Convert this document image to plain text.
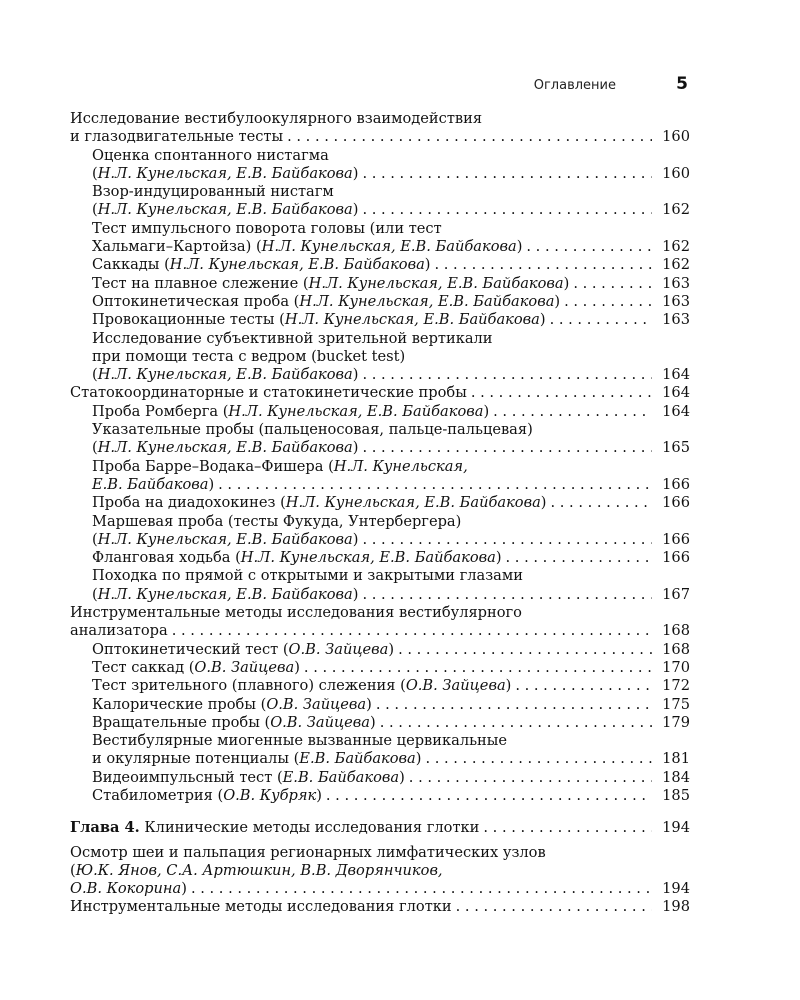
Оглавление	5
Исследование вестибулоокулярного взаимодействия
и глазодвигательные тесты . . .	160
Оценка спонтанного нистагма
(Н.Л. Кунельская, Е.В. Байбакова) . . .	160
Взор-индуцированный нистагм
(Н.Л. Кунельская, Е.В. Байбакова) . . .	162
Тест импульсного поворота головы (или тест
Хальмаги–Картойза) (Н.Л. Кунельская, Е.В. Байбакова) . . .	162
Саккады (Н.Л. Кунельская, Е.В. Байбакова) . . .	162
Тест на плавное слежение (Н.Л. Кунельская, Е.В. Байбакова) . . .	163
Оптокинетическая проба (Н.Л. Кунельская, Е.В. Байбакова) . . .	163
Провокационные тесты (Н.Л. Кунельская, Е.В. Байбакова) . . .	163
Исследование субъективной зрительной вертикали
при помощи теста с ведром (bucket test)
(Н.Л. Кунельская, Е.В. Байбакова) . . .	164
Статокоординаторные и статокинетические пробы . . .	164
Проба Ромберга (Н.Л. Кунельская, Е.В. Байбакова) . . .	164
Указательные пробы (пальценосовая, пальце-пальцевая)
(Н.Л. Кунельская, Е.В. Байбакова) . . .	165
Проба Барре–Водака–Фишера (Н.Л. Кунельская,
Е.В. Байбакова) . . .	166
Проба на диадохокинез (Н.Л. Кунельская, Е.В. Байбакова) . . .	166
Маршевая проба (тесты Фукуда, Унтербергера)
(Н.Л. Кунельская, Е.В. Байбакова) . . .	166
Фланговая ходьба (Н.Л. Кунельская, Е.В. Байбакова) . . .	166
Походка по прямой с открытыми и закрытыми глазами
(Н.Л. Кунельская, Е.В. Байбакова) . . .	167
Инструментальные методы исследования вестибулярного
анализатора . . .	168
Оптокинетический тест (О.В. Зайцева) . . .	168
Тест саккад (О.В. Зайцева) . . .	170
Тест зрительного (плавного) слежения (О.В. Зайцева) . . .	172
Калорические пробы (О.В. Зайцева) . . .	175
Вращательные пробы (О.В. Зайцева) . . .	179
Вестибулярные миогенные вызванные цервикальные
и окулярные потенциалы (Е.В. Байбакова) . . .	181
Видеоимпульсный тест (Е.В. Байбакова) . . .	184
Стабилометрия (О.В. Кубряк) . . .	185
Глава 4. Клинические методы исследования глотки . . .	194
Осмотр шеи и пальпация регионарных лимфатических узлов
(Ю.К. Янов, С.А. Артюшкин, В.В. Дворянчиков,
О.В. Кокорина) . . .	194
Инструментальные методы исследования глотки . . .	198
